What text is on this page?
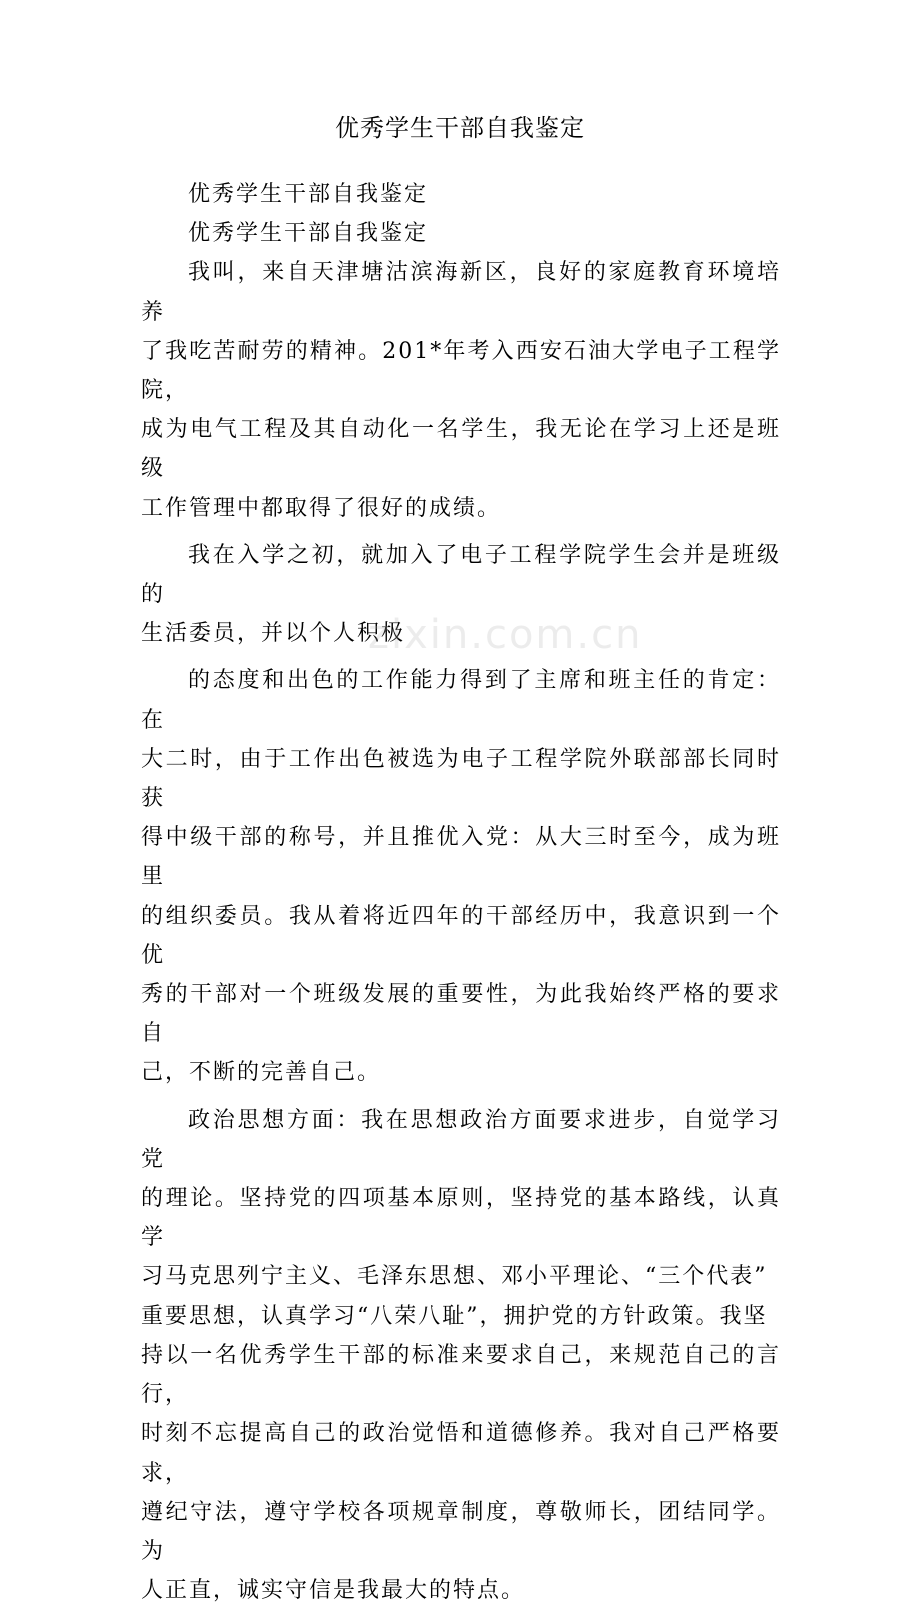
优秀学生干部自我鉴定

优秀学生干部自我鉴定

优秀学生干部自我鉴定

我叫，来自天津塘沽滨海新区，良好的家庭教育环境培养
了我吃苦耐劳的精神。201*年考入西安石油大学电子工程学院，
成为电气工程及其自动化一名学生，我无论在学习上还是班级
工作管理中都取得了很好的成绩。

我在入学之初，就加入了电子工程学院学生会并是班级的
生活委员，并以个人积极

的态度和出色的工作能力得到了主席和班主任的肯定：在
大二时，由于工作出色被选为电子工程学院外联部部长同时获
得中级干部的称号，并且推优入党：从大三时至今，成为班里
的组织委员。我从着将近四年的干部经历中，我意识到一个优
秀的干部对一个班级发展的重要性，为此我始终严格的要求自
己，不断的完善自己。

政治思想方面：我在思想政治方面要求进步，自觉学习党
的理论。坚持党的四项基本原则，坚持党的基本路线，认真学
习马克思列宁主义、毛泽东思想、邓小平理论、“三个代表”
重要思想，认真学习“八荣八耻”，拥护党的方针政策。我坚
持以一名优秀学生干部的标准来要求自己，来规范自己的言行，
时刻不忘提高自己的政治觉悟和道德修养。我对自己严格要求，
遵纪守法，遵守学校各项规章制度，尊敬师长，团结同学。为
人正直，诚实守信是我最大的特点。

zixin.com.cn
